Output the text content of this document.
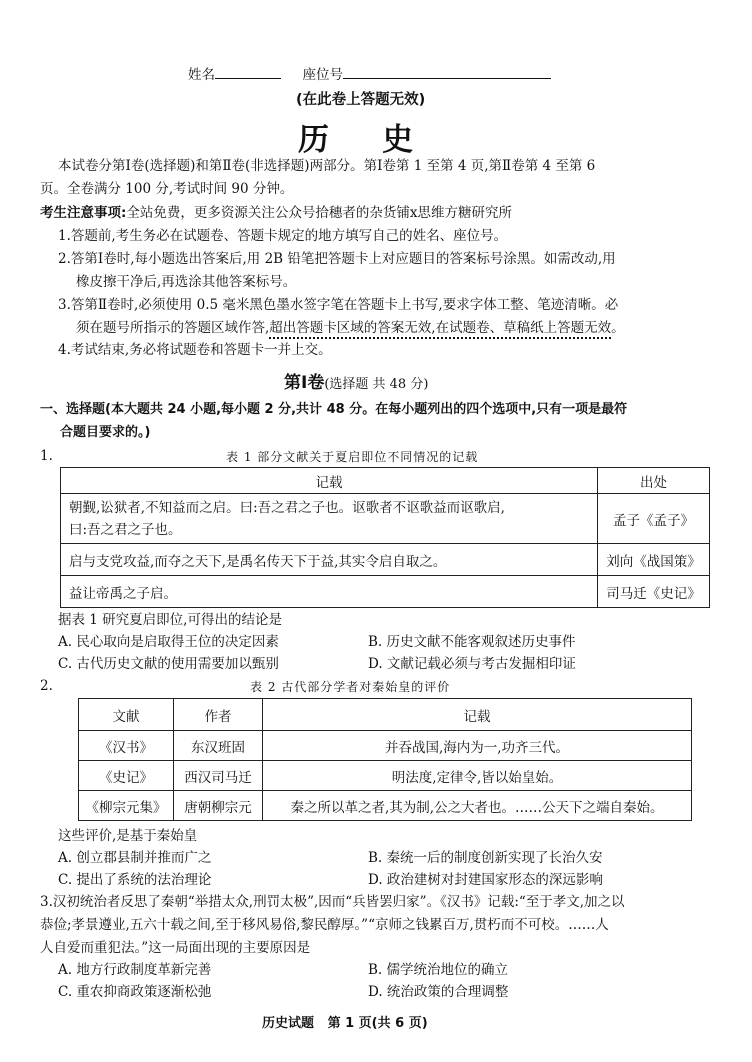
姓名	座位号
(在此卷上答题无效)
历    史
本试卷分第Ⅰ卷(选择题)和第Ⅱ卷(非选择题)两部分。第Ⅰ卷第 1 至第 4 页,第Ⅱ卷第 4 至第 6
页。全卷满分 100 分,考试时间 90 分钟。
考生注意事项:全站免费，更多资源关注公众号拾穗者的杂货铺x思维方糖研究所
1.答题前,考生务必在试题卷、答题卡规定的地方填写自己的姓名、座位号。
2.答第Ⅰ卷时,每小题选出答案后,用 2B 铅笔把答题卡上对应题目的答案标号涂黑。如需改动,用
橡皮擦干净后,再选涂其他答案标号。
3.答第Ⅱ卷时,必须使用 0.5 毫米黑色墨水签字笔在答题卡上书写,要求字体工整、笔迹清晰。必
须在题号所指示的答题区域作答,超出答题卡区域的答案无效,在试题卷、草稿纸上答题无效。
4.考试结束,务必将试题卷和答题卡一并上交。
第Ⅰ卷(选择题 共 48 分)
一、选择题(本大题共 24 小题,每小题 2 分,共计 48 分。在每小题列出的四个选项中,只有一项是最符
合题目要求的。)
1.	表 1 部分文献关于夏启即位不同情况的记载
记载	出处

朝觐,讼狱者,不知益而之启。曰:吾之君之子也。讴歌者不讴歌益而讴歌启,
曰:吾之君之子也。	孟子《孟子》
启与支党攻益,而夺之天下,是禹名传天下于益,其实令启自取之。	刘向《战国策》
益让帝禹之子启。	司马迁《史记》
据表 1 研究夏启即位,可得出的结论是
A. 民心取向是启取得王位的决定因素	B. 历史文献不能客观叙述历史事件
C. 古代历史文献的使用需要加以甄别	D. 文献记载必须与考古发掘相印证
2.	表 2 古代部分学者对秦始皇的评价
文献	作者	记载
《汉书》	东汉班固	并吞战国,海内为一,功齐三代。
《史记》	西汉司马迁	明法度,定律令,皆以始皇始。
《柳宗元集》	唐朝柳宗元	秦之所以革之者,其为制,公之大者也。……公天下之端自秦始。
这些评价,是基于秦始皇
A. 创立郡县制并推而广之	B. 秦统一后的制度创新实现了长治久安
C. 提出了系统的法治理论	D. 政治建树对封建国家形态的深远影响
3.汉初统治者反思了秦朝“举措太众,刑罚太极”,因而“兵皆罢归家”。《汉书》记载:“至于孝文,加之以
恭俭;孝景遵业,五六十载之间,至于移风易俗,黎民醇厚。”“京师之钱累百万,贯朽而不可校。……人
人自爱而重犯法。”这一局面出现的主要原因是
A. 地方行政制度革新完善	B. 儒学统治地位的确立
C. 重农抑商政策逐渐松弛	D. 统治政策的合理调整
历史试题   第 1 页(共 6 页)
